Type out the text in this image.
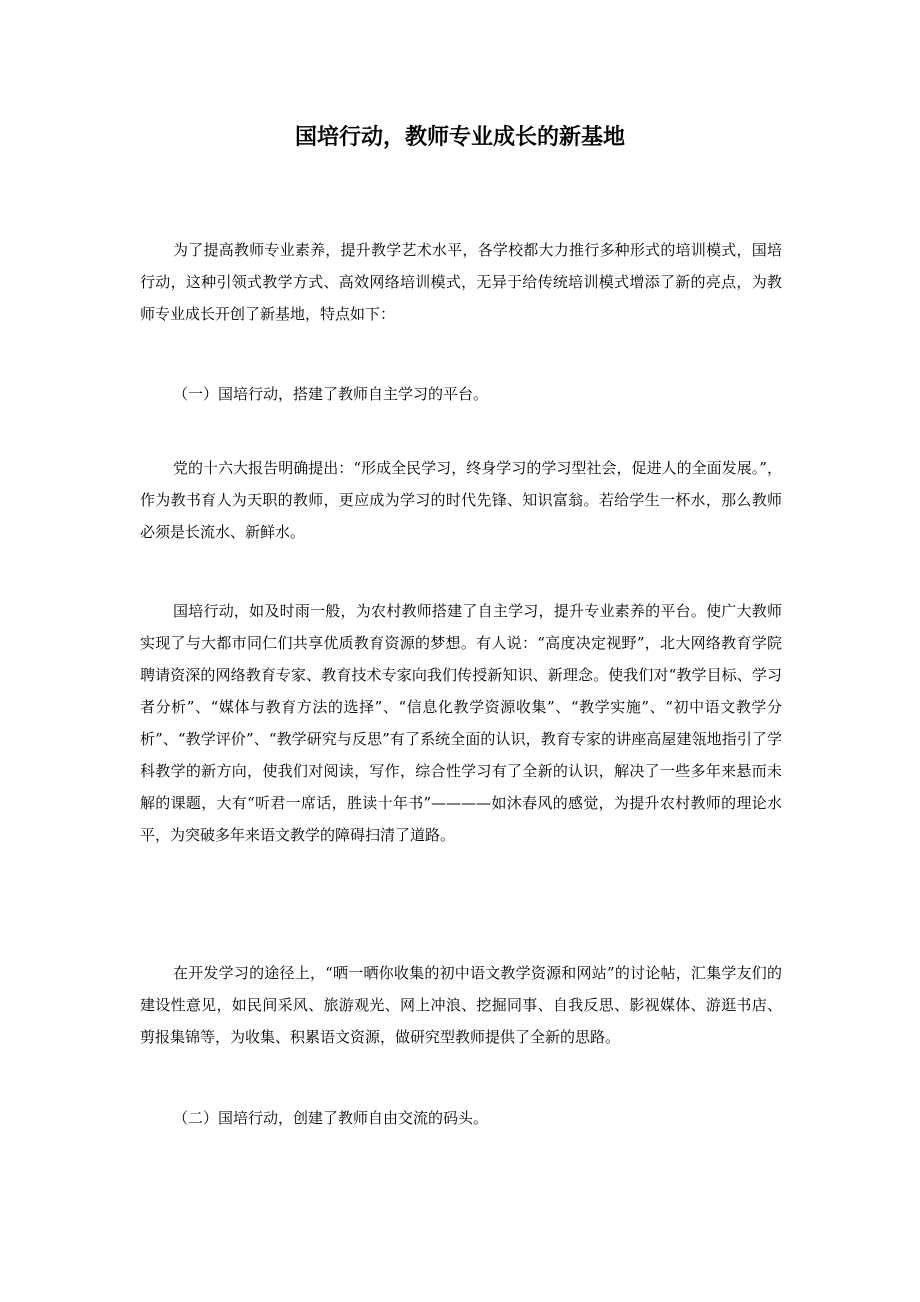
国培行动，教师专业成长的新基地

为了提高教师专业素养，提升教学艺术水平，各学校都大力推行多种形式的培训模式，国培行动，这种引领式教学方式、高效网络培训模式，无异于给传统培训模式增添了新的亮点，为教师专业成长开创了新基地，特点如下：

（一）国培行动，搭建了教师自主学习的平台。

党的十六大报告明确提出：“形成全民学习，终身学习的学习型社会，促进人的全面发展。”，作为教书育人为天职的教师，更应成为学习的时代先锋、知识富翁。若给学生一杯水，那么教师必须是长流水、新鲜水。

国培行动，如及时雨一般，为农村教师搭建了自主学习，提升专业素养的平台。使广大教师实现了与大都市同仁们共享优质教育资源的梦想。有人说：“高度决定视野”，北大网络教育学院聘请资深的网络教育专家、教育技术专家向我们传授新知识、新理念。使我们对“教学目标、学习者分析”、“媒体与教育方法的选择”、“信息化教学资源收集”、“教学实施”、“初中语文教学分析”、“教学评价”、“教学研究与反思”有了系统全面的认识，教育专家的讲座高屋建瓴地指引了学科教学的新方向，使我们对阅读，写作，综合性学习有了全新的认识，解决了一些多年来悬而未解的课题，大有“听君一席话，胜读十年书”————如沐春风的感觉，为提升农村教师的理论水平，为突破多年来语文教学的障碍扫清了道路。

在开发学习的途径上，“晒一晒你收集的初中语文教学资源和网站”的讨论帖，汇集学友们的建设性意见，如民间采风、旅游观光、网上冲浪、挖掘同事、自我反思、影视媒体、游逛书店、剪报集锦等，为收集、积累语文资源，做研究型教师提供了全新的思路。

（二）国培行动，创建了教师自由交流的码头。
